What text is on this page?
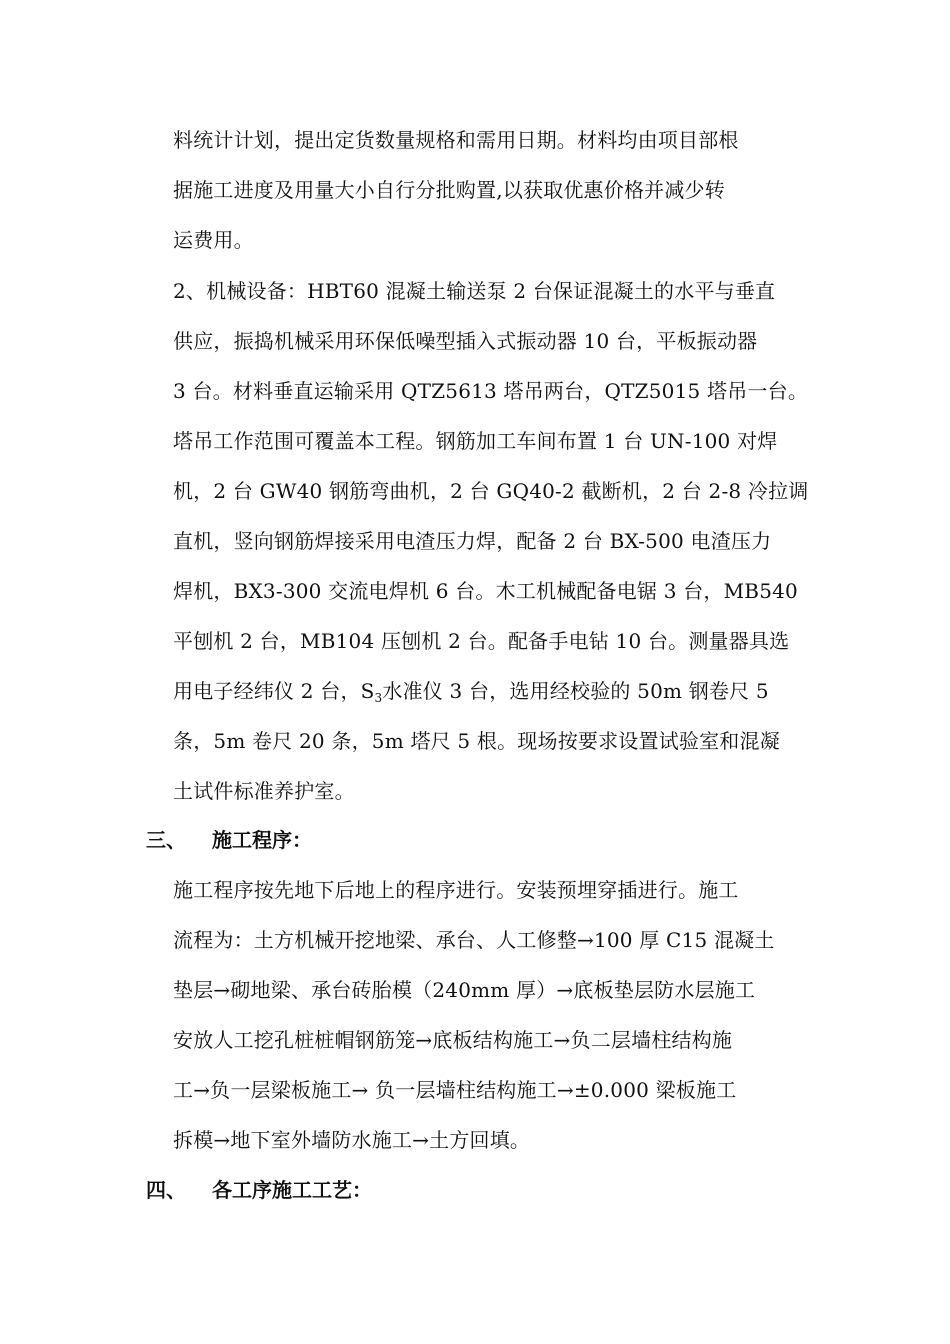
料统计计划，提出定货数量规格和需用日期。材料均由项目部根
据施工进度及用量大小自行分批购置,以获取优惠价格并减少转
运费用。
2、机械设备：HBT60 混凝土输送泵 2 台保证混凝土的水平与垂直
供应，振捣机械采用环保低噪型插入式振动器 10 台，平板振动器
3 台。材料垂直运输采用 QTZ5613 塔吊两台，QTZ5015 塔吊一台。
塔吊工作范围可覆盖本工程。钢筋加工车间布置 1 台 UN-100 对焊
机，2 台 GW40 钢筋弯曲机，2 台 GQ40-2 截断机，2 台 2-8 冷拉调
直机，竖向钢筋焊接采用电渣压力焊，配备 2 台 BX-500 电渣压力
焊机，BX3-300 交流电焊机 6 台。木工机械配备电锯 3 台，MB540
平刨机 2 台，MB104 压刨机 2 台。配备手电钻 10 台。测量器具选
用电子经纬仪 2 台，$S_3$水准仪 3 台，选用经校验的 50m 钢卷尺 5
条，5m 卷尺 20 条，5m 塔尺 5 根。现场按要求设置试验室和混凝
土试件标准养护室。
三、 施工程序：
施工程序按先地下后地上的程序进行。安装预埋穿插进行。施工
流程为：土方机械开挖地梁、承台、人工修整→100 厚 C15 混凝土
垫层→砌地梁、承台砖胎模（240mm 厚）→底板垫层防水层施工
安放人工挖孔桩桩帽钢筋笼→底板结构施工→负二层墙柱结构施
工→负一层梁板施工→ 负一层墙柱结构施工→±0.000 梁板施工
拆模→地下室外墙防水施工→土方回填。
四、 各工序施工工艺：
